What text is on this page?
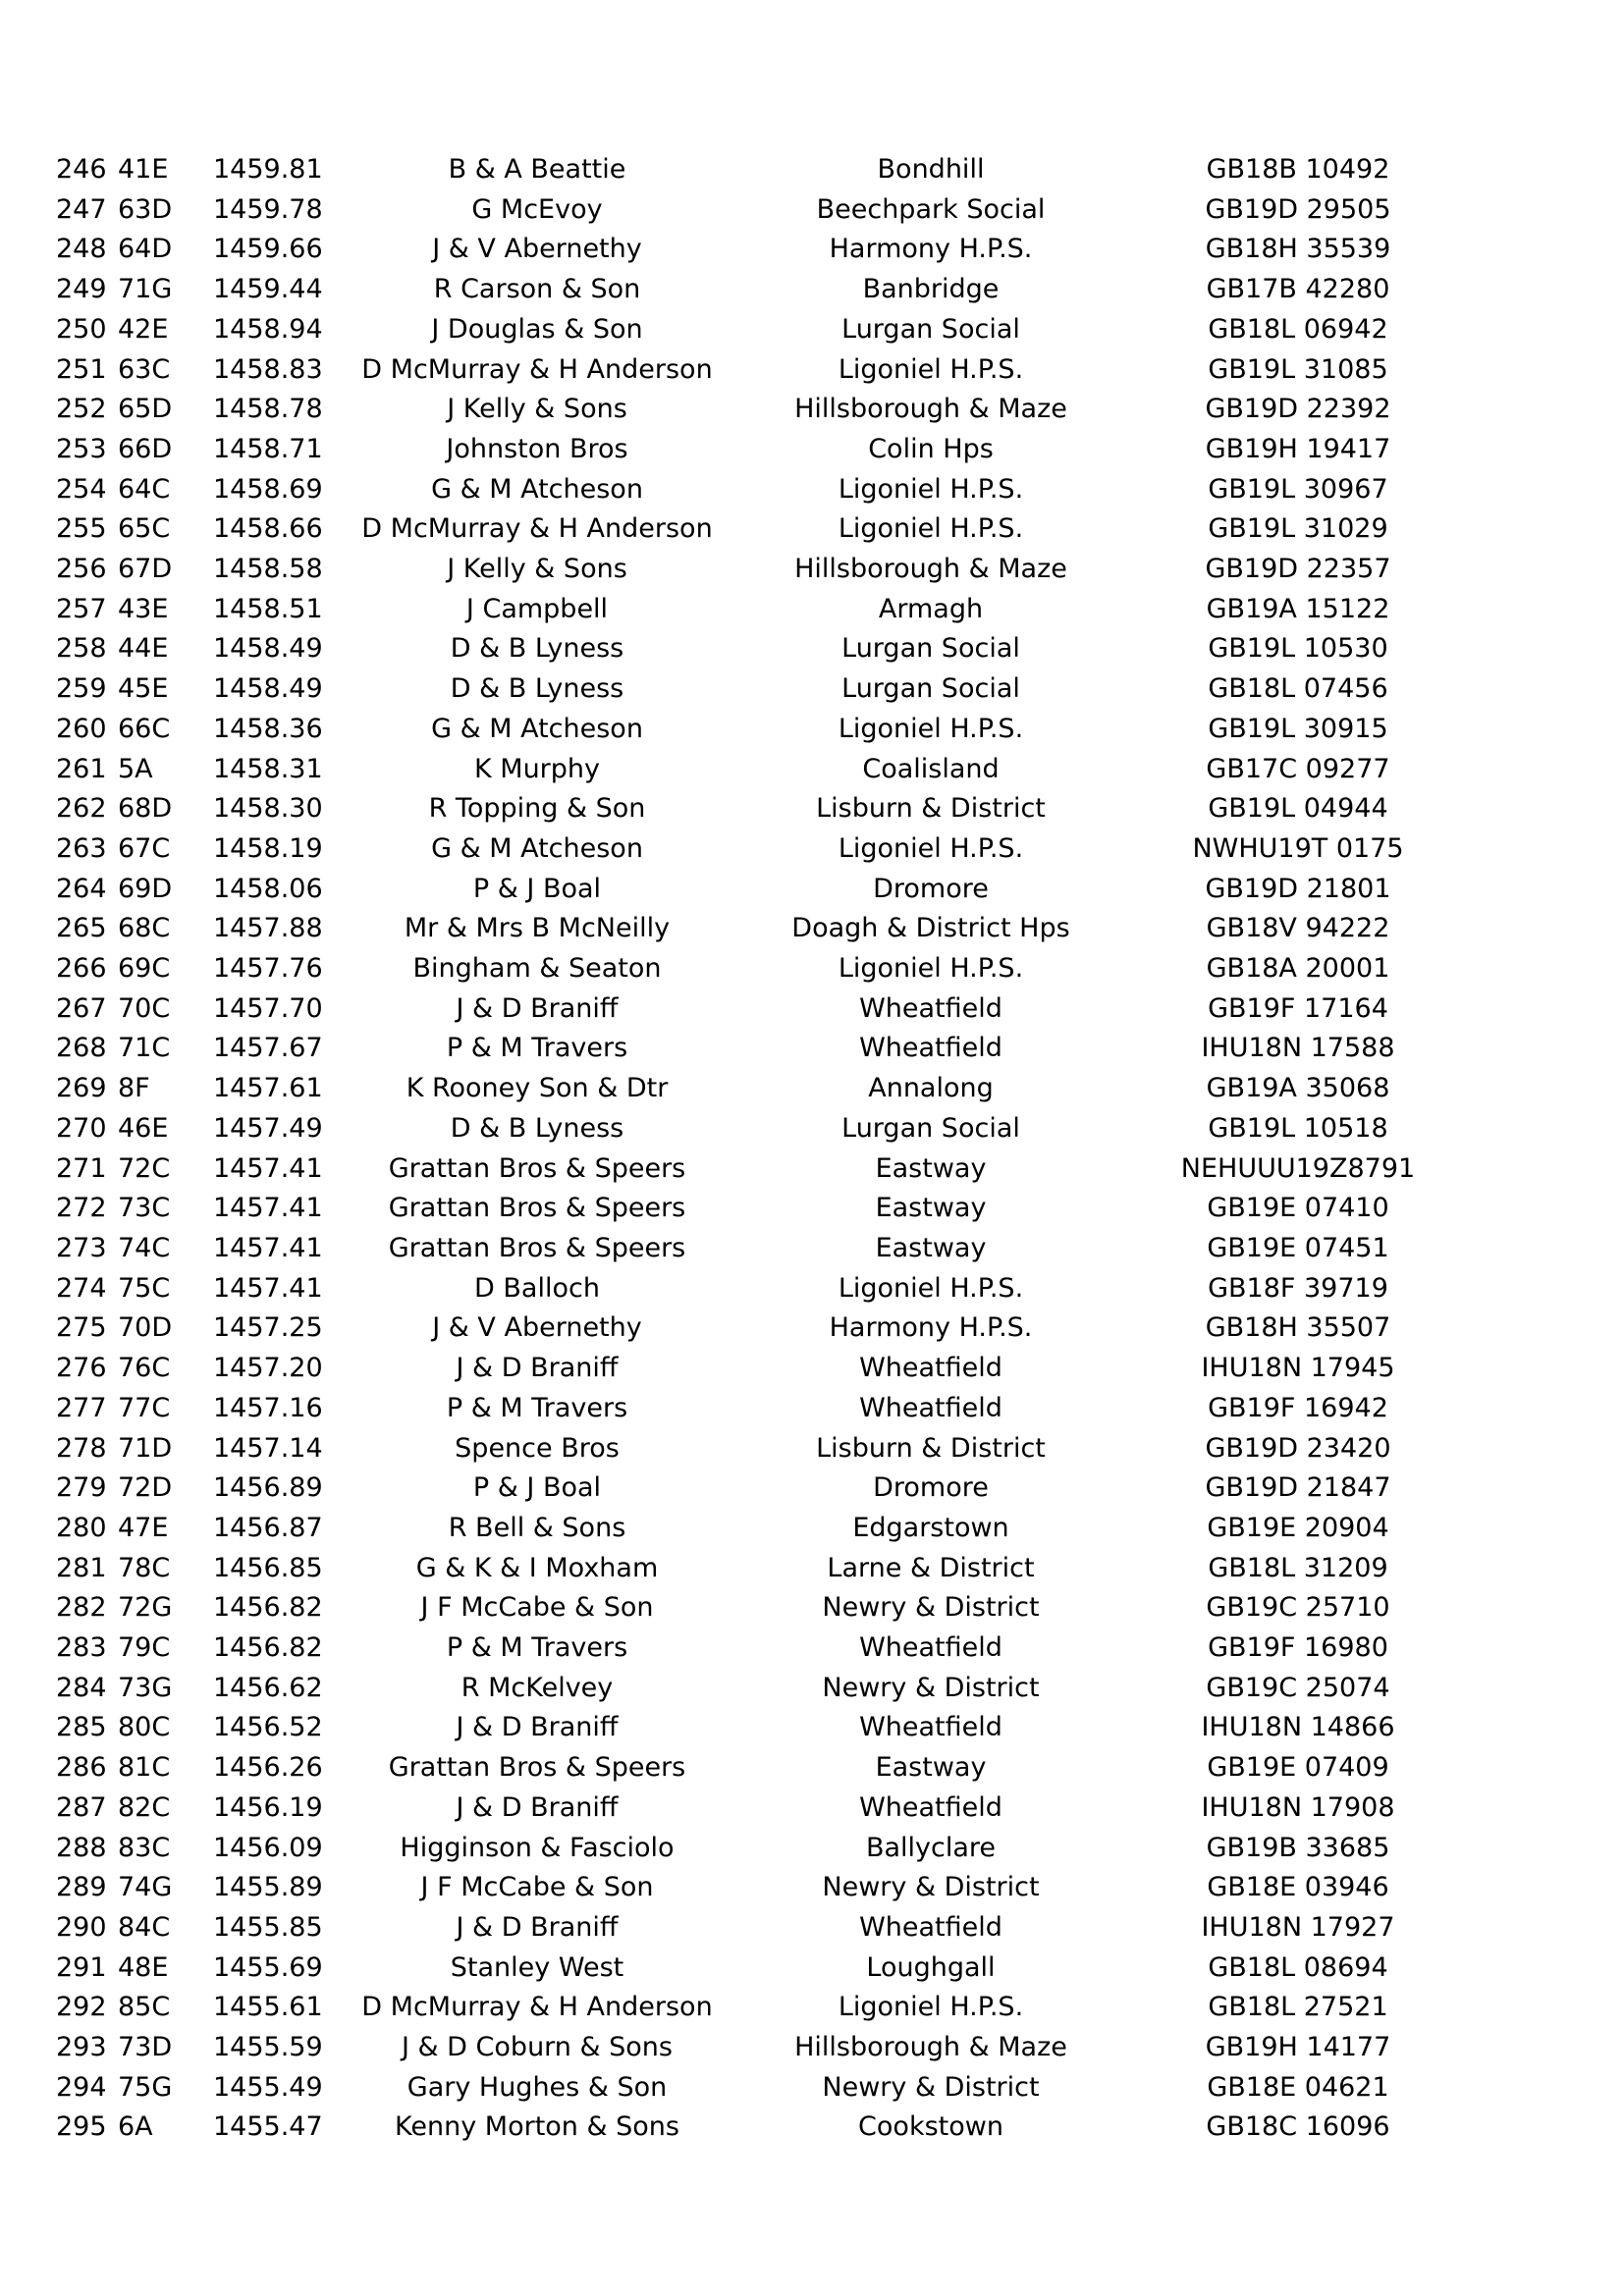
246	41E	1459.81	B & A Beattie	Bondhill	GB18B 10492
247	63D	1459.78	G McEvoy	Beechpark Social	GB19D 29505
248	64D	1459.66	J & V Abernethy	Harmony H.P.S.	GB18H 35539
249	71G	1459.44	R Carson & Son	Banbridge	GB17B 42280
250	42E	1458.94	J Douglas & Son	Lurgan Social	GB18L 06942
251	63C	1458.83	D McMurray & H Anderson	Ligoniel H.P.S.	GB19L 31085
252	65D	1458.78	J Kelly & Sons	Hillsborough & Maze	GB19D 22392
253	66D	1458.71	Johnston Bros	Colin Hps	GB19H 19417
254	64C	1458.69	G & M Atcheson	Ligoniel H.P.S.	GB19L 30967
255	65C	1458.66	D McMurray & H Anderson	Ligoniel H.P.S.	GB19L 31029
256	67D	1458.58	J Kelly & Sons	Hillsborough & Maze	GB19D 22357
257	43E	1458.51	J Campbell	Armagh	GB19A 15122
258	44E	1458.49	D & B Lyness	Lurgan Social	GB19L 10530
259	45E	1458.49	D & B Lyness	Lurgan Social	GB18L 07456
260	66C	1458.36	G & M Atcheson	Ligoniel H.P.S.	GB19L 30915
261	5A	1458.31	K Murphy	Coalisland	GB17C 09277
262	68D	1458.30	R Topping & Son	Lisburn & District	GB19L 04944
263	67C	1458.19	G & M Atcheson	Ligoniel H.P.S.	NWHU19T 0175
264	69D	1458.06	P & J Boal	Dromore	GB19D 21801
265	68C	1457.88	Mr & Mrs B McNeilly	Doagh & District Hps	GB18V 94222
266	69C	1457.76	Bingham & Seaton	Ligoniel H.P.S.	GB18A 20001
267	70C	1457.70	J & D Braniff	Wheatfield	GB19F 17164
268	71C	1457.67	P & M Travers	Wheatfield	IHU18N 17588
269	8F	1457.61	K Rooney Son & Dtr	Annalong	GB19A 35068
270	46E	1457.49	D & B Lyness	Lurgan Social	GB19L 10518
271	72C	1457.41	Grattan Bros & Speers	Eastway	NEHUUU19Z8791
272	73C	1457.41	Grattan Bros & Speers	Eastway	GB19E 07410
273	74C	1457.41	Grattan Bros & Speers	Eastway	GB19E 07451
274	75C	1457.41	D Balloch	Ligoniel H.P.S.	GB18F 39719
275	70D	1457.25	J & V Abernethy	Harmony H.P.S.	GB18H 35507
276	76C	1457.20	J & D Braniff	Wheatfield	IHU18N 17945
277	77C	1457.16	P & M Travers	Wheatfield	GB19F 16942
278	71D	1457.14	Spence Bros	Lisburn & District	GB19D 23420
279	72D	1456.89	P & J Boal	Dromore	GB19D 21847
280	47E	1456.87	R Bell & Sons	Edgarstown	GB19E 20904
281	78C	1456.85	G & K & I Moxham	Larne & District	GB18L 31209
282	72G	1456.82	J F McCabe & Son	Newry & District	GB19C 25710
283	79C	1456.82	P & M Travers	Wheatfield	GB19F 16980
284	73G	1456.62	R McKelvey	Newry & District	GB19C 25074
285	80C	1456.52	J & D Braniff	Wheatfield	IHU18N 14866
286	81C	1456.26	Grattan Bros & Speers	Eastway	GB19E 07409
287	82C	1456.19	J & D Braniff	Wheatfield	IHU18N 17908
288	83C	1456.09	Higginson & Fasciolo	Ballyclare	GB19B 33685
289	74G	1455.89	J F McCabe & Son	Newry & District	GB18E 03946
290	84C	1455.85	J & D Braniff	Wheatfield	IHU18N 17927
291	48E	1455.69	Stanley West	Loughgall	GB18L 08694
292	85C	1455.61	D McMurray & H Anderson	Ligoniel H.P.S.	GB18L 27521
293	73D	1455.59	J & D Coburn & Sons	Hillsborough & Maze	GB19H 14177
294	75G	1455.49	Gary Hughes & Son	Newry & District	GB18E 04621
295	6A	1455.47	Kenny Morton & Sons	Cookstown	GB18C 16096
